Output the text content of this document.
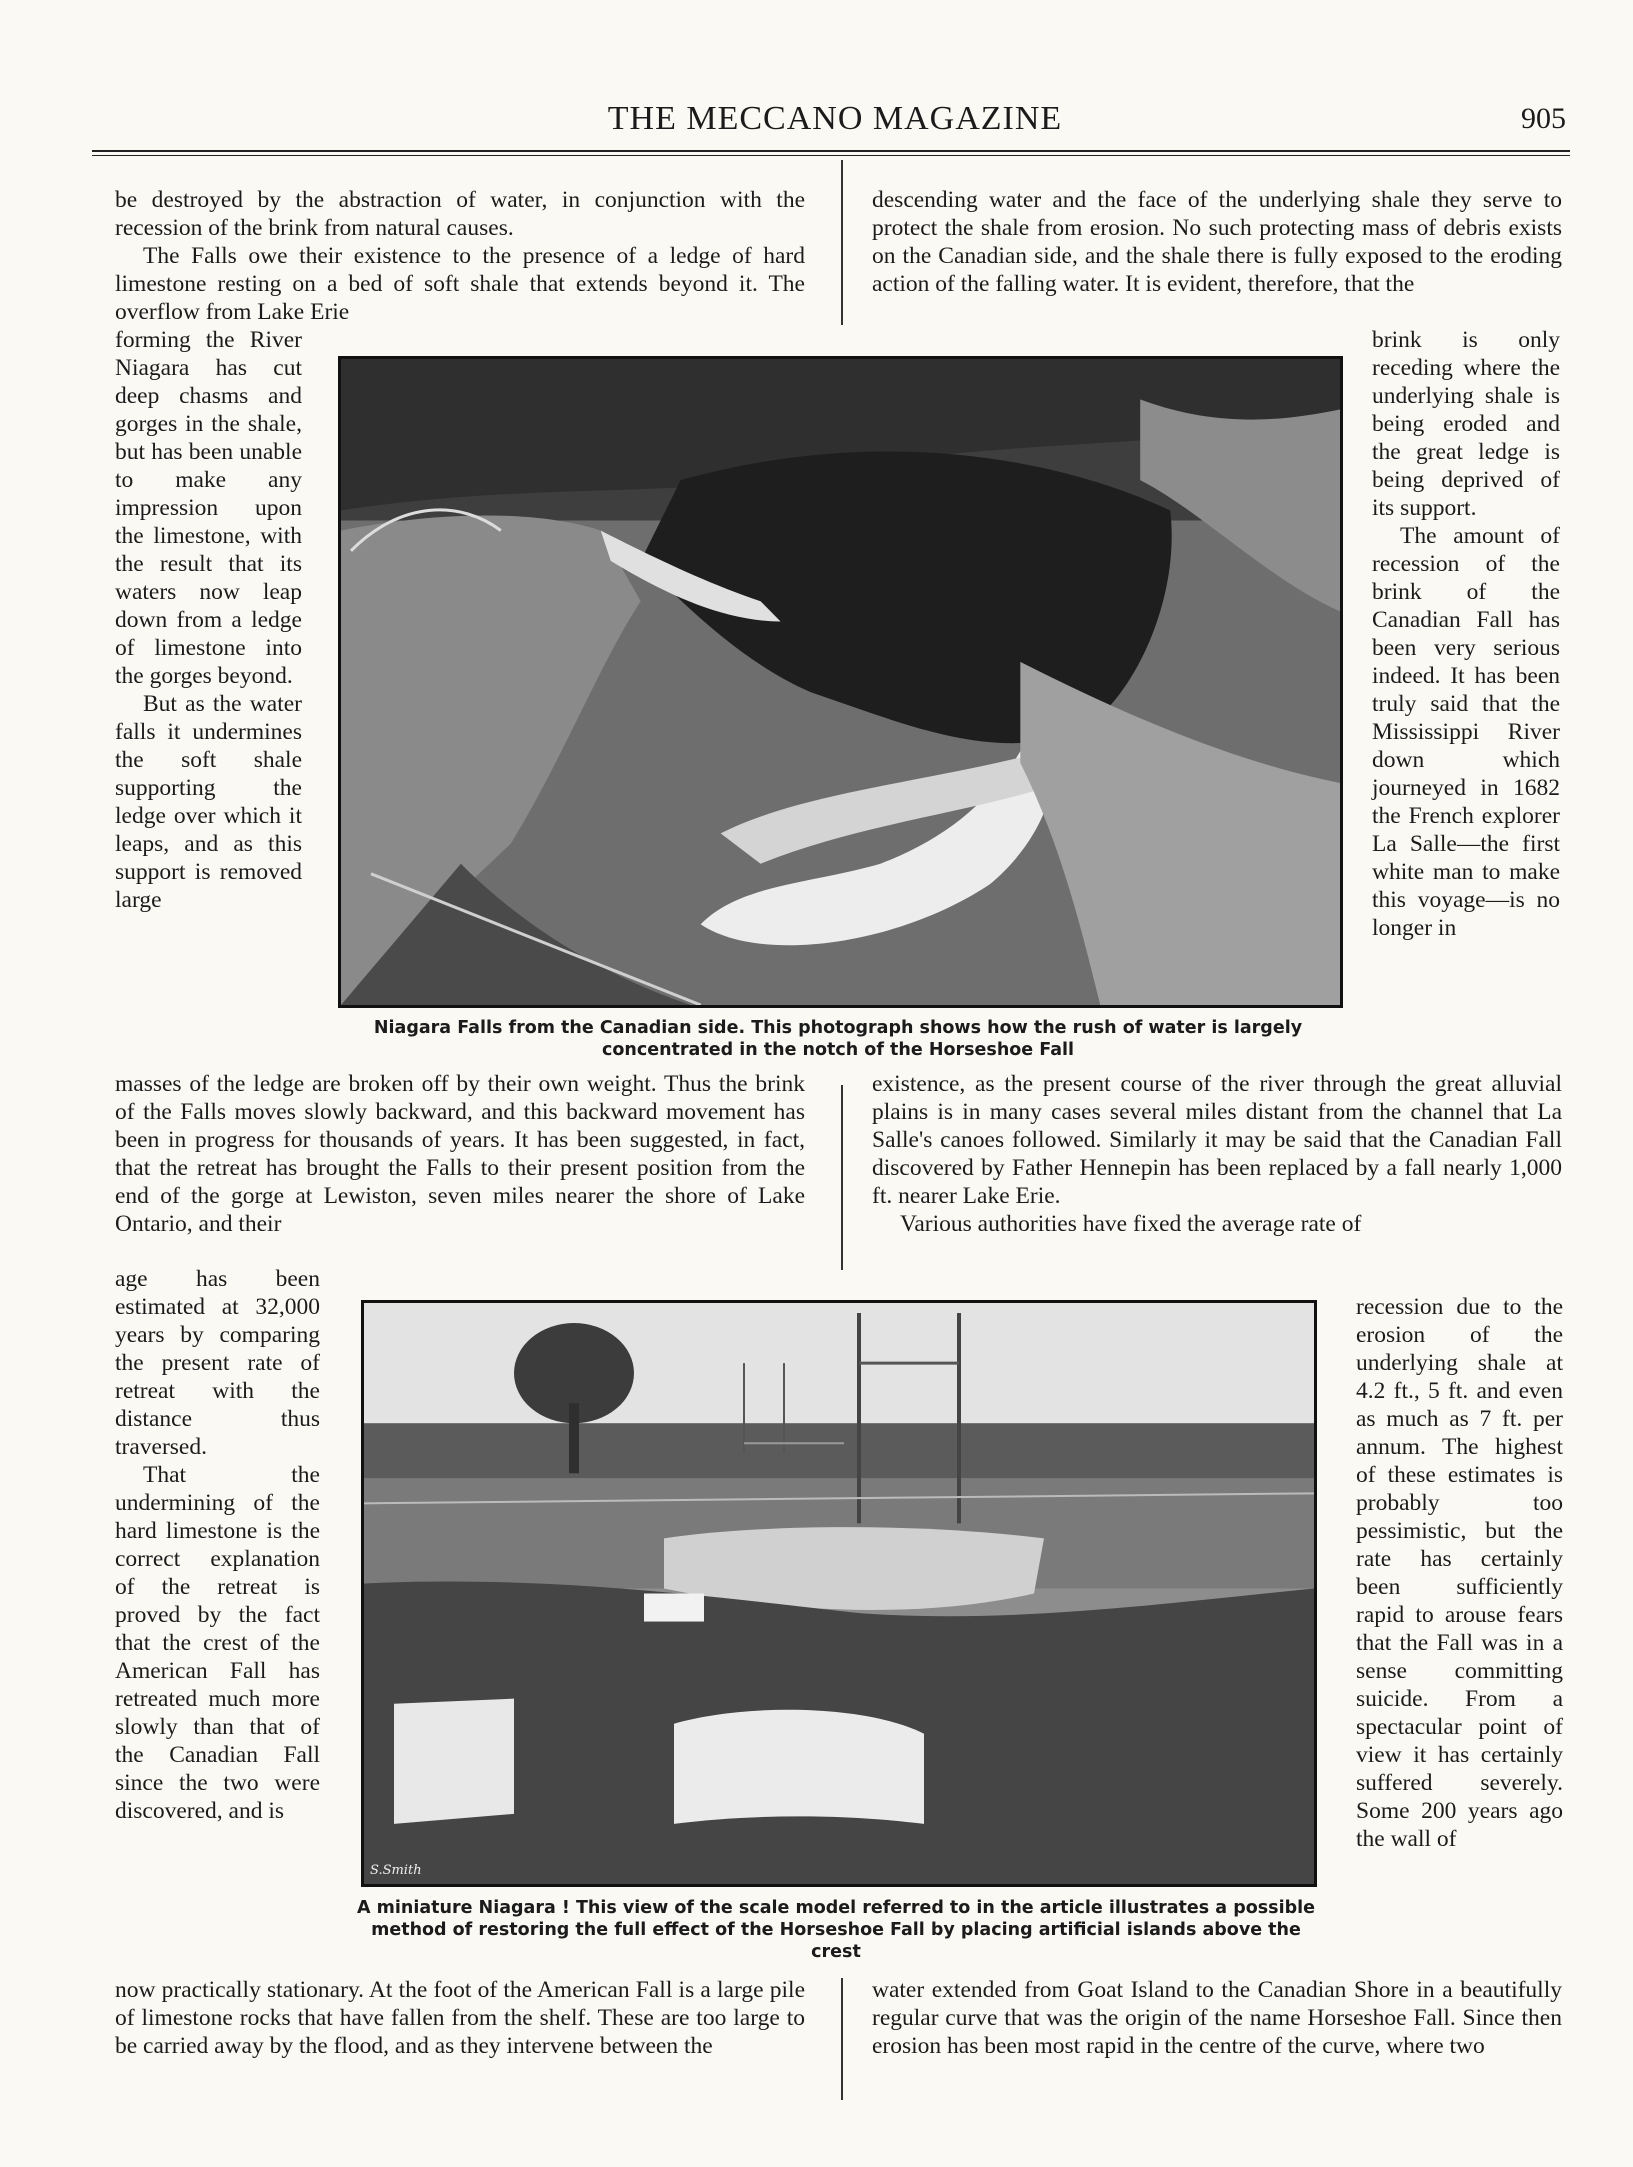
THE MECCANO MAGAZINE	905

be destroyed by the abstraction of water, in conjunction with the recession of the brink from natural causes.

The Falls owe their existence to the presence of a ledge of hard limestone resting on a bed of soft shale that extends beyond it. The overflow from Lake Erie

descending water and the face of the underlying shale they serve to protect the shale from erosion. No such protecting mass of debris exists on the Canadian side, and the shale there is fully exposed to the eroding action of the falling water. It is evident, therefore, that the

forming the River Niagara has cut deep chasms and gorges in the shale, but has been unable to make any impression upon the limestone, with the result that its waters now leap down from a ledge of limestone into the gorges beyond.

But as the water falls it undermines the soft shale supporting the ledge over which it leaps, and as this support is removed large

brink is only receding where the underlying shale is being eroded and the great ledge is being deprived of its support.

The amount of recession of the brink of the Canadian Fall has been very serious indeed. It has been truly said that the Mississippi River down which journeyed in 1682 the French explorer La Salle—the first white man to make this voyage—is no longer in

Niagara Falls from the Canadian side. This photograph shows how the rush of water is largely concentrated in the notch of the Horseshoe Fall

masses of the ledge are broken off by their own weight. Thus the brink of the Falls moves slowly backward, and this backward movement has been in progress for thousands of years. It has been suggested, in fact, that the retreat has brought the Falls to their present position from the end of the gorge at Lewiston, seven miles nearer the shore of Lake Ontario, and their

existence, as the present course of the river through the great alluvial plains is in many cases several miles distant from the channel that La Salle's canoes followed. Similarly it may be said that the Canadian Fall discovered by Father Hennepin has been replaced by a fall nearly 1,000 ft. nearer Lake Erie.

Various authorities have fixed the average rate of

age has been estimated at 32,000 years by comparing the present rate of retreat with the distance thus traversed.

That the undermining of the hard limestone is the correct explanation of the retreat is proved by the fact that the crest of the American Fall has retreated much more slowly than that of the Canadian Fall since the two were discovered, and is

recession due to the erosion of the underlying shale at 4.2 ft., 5 ft. and even as much as 7 ft. per annum. The highest of these estimates is probably too pessimistic, but the rate has certainly been sufficiently rapid to arouse fears that the Fall was in a sense committing suicide. From a spectacular point of view it has certainly suffered severely. Some 200 years ago the wall of

S.Smith
A miniature Niagara ! This view of the scale model referred to in the article illustrates a possible method of restoring the full effect of the Horseshoe Fall by placing artificial islands above the crest

now practically stationary. At the foot of the American Fall is a large pile of limestone rocks that have fallen from the shelf. These are too large to be carried away by the flood, and as they intervene between the

water extended from Goat Island to the Canadian Shore in a beautifully regular curve that was the origin of the name Horseshoe Fall. Since then erosion has been most rapid in the centre of the curve, where two
